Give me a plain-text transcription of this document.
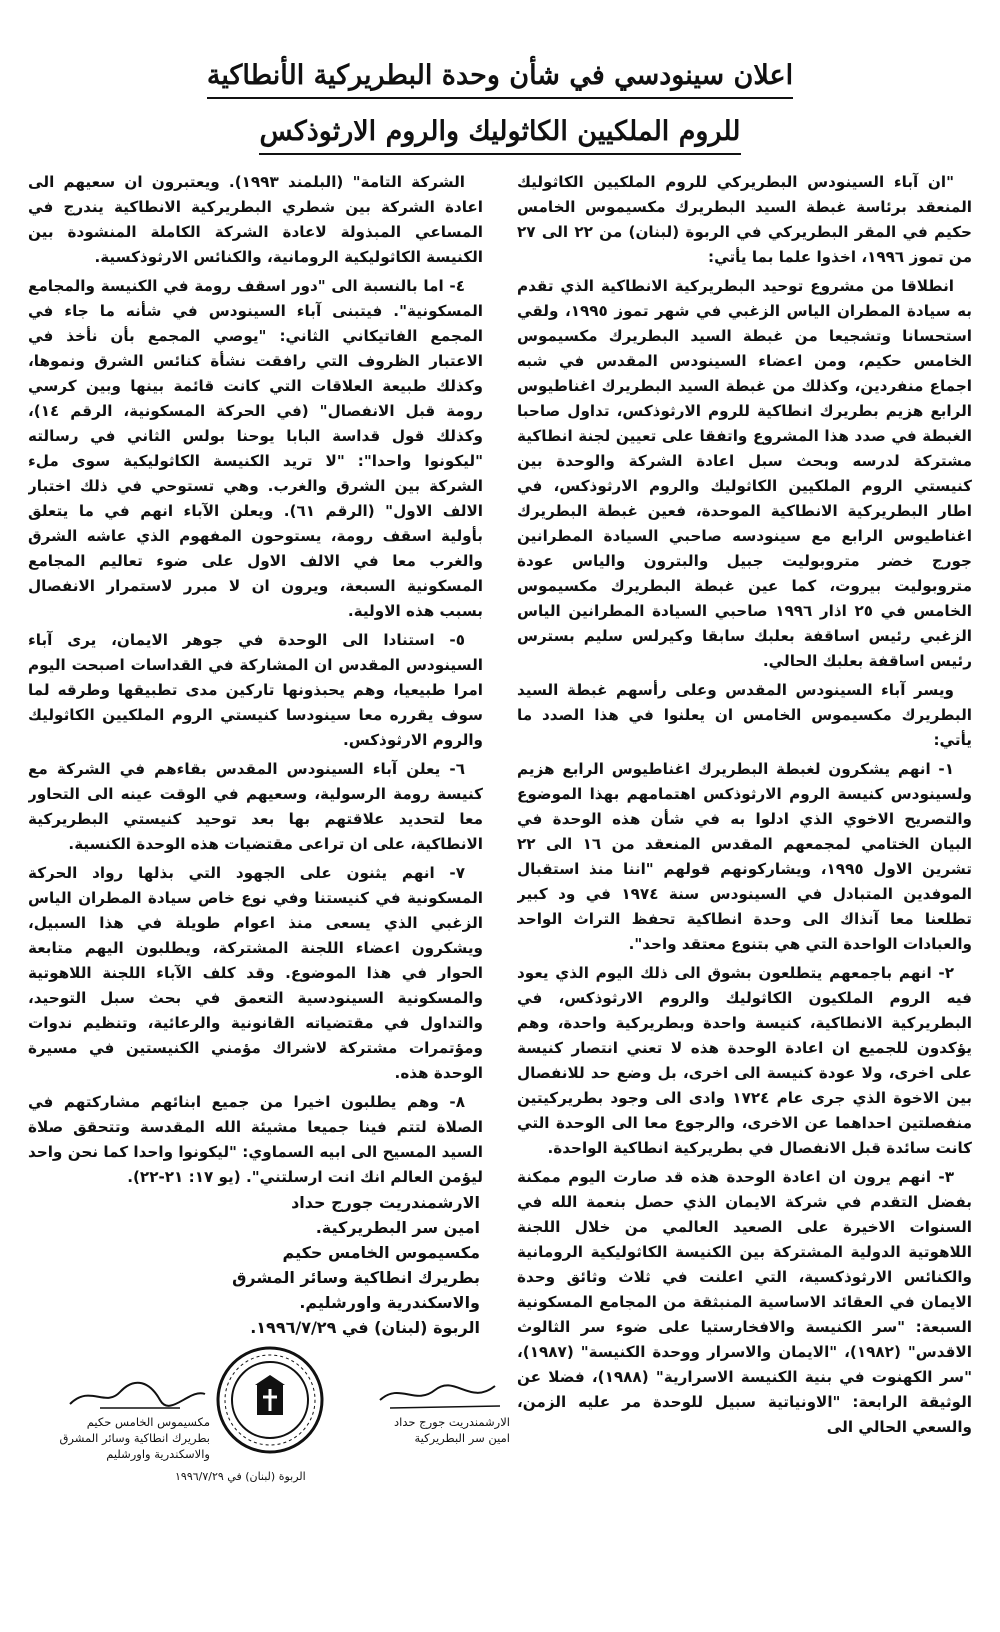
اعلان سينودسي في شأن وحدة البطريركية الأنطاكية
للروم الملكيين الكاثوليك والروم الارثوذكس

"ان آباء السينودس البطريركي للروم الملكيين الكاثوليك المنعقد برئاسة غبطة السيد البطريرك مكسيموس الخامس حكيم في المقر البطريركي في الربوة (لبنان) من ٢٢ الى ٢٧ من تموز ١٩٩٦، اخذوا علما بما يأتي:

انطلاقا من مشروع توحيد البطريركية الانطاكية الذي تقدم به سيادة المطران الياس الزغبي في شهر تموز ١٩٩٥، ولقي استحسانا وتشجيعا من غبطة السيد البطريرك مكسيموس الخامس حكيم، ومن اعضاء السينودس المقدس في شبه اجماع منفردين، وكذلك من غبطة السيد البطريرك اغناطيوس الرابع هزيم بطريرك انطاكية للروم الارثوذكس، تداول صاحبا الغبطة في صدد هذا المشروع واتفقا على تعيين لجنة انطاكية مشتركة لدرسه وبحث سبل اعادة الشركة والوحدة بين كنيستي الروم الملكيين الكاثوليك والروم الارثوذكس، في اطار البطريركية الانطاكية الموحدة، فعين غبطة البطريرك اغناطيوس الرابع مع سينودسه صاحبي السيادة المطرانين جورج خضر متروبوليت جبيل والبترون والياس عودة متروبوليت بيروت، كما عين غبطة البطريرك مكسيموس الخامس في ٢٥ اذار ١٩٩٦ صاحبي السيادة المطرانين الياس الزغبي رئيس اساقفة بعلبك سابقا وكيرلس سليم بسترس رئيس اساقفة بعلبك الحالي.

ويسر آباء السينودس المقدس وعلى رأسهم غبطة السيد البطريرك مكسيموس الخامس ان يعلنوا في هذا الصدد ما يأتي:

١- انهم يشكرون لغبطة البطريرك اغناطيوس الرابع هزيم ولسينودس كنيسة الروم الارثوذكس اهتمامهم بهذا الموضوع والتصريح الاخوي الذي ادلوا به في شأن هذه الوحدة في البيان الختامي لمجمعهم المقدس المنعقد من ١٦ الى ٢٢ تشرين الاول ١٩٩٥، ويشاركونهم قولهم "اننا منذ استقبال الموفدين المتبادل في السينودس سنة ١٩٧٤ في ود كبير تطلعنا معا آنذاك الى وحدة انطاكية تحفظ التراث الواحد والعبادات الواحدة التي هي بتنوع معتقد واحد".

٢- انهم باجمعهم يتطلعون بشوق الى ذلك اليوم الذي يعود فيه الروم الملكيون الكاثوليك والروم الارثوذكس، في البطريركية الانطاكية، كنيسة واحدة وبطريركية واحدة، وهم يؤكدون للجميع ان اعادة الوحدة هذه لا تعني انتصار كنيسة على اخرى، ولا عودة كنيسة الى اخرى، بل وضع حد للانفصال بين الاخوة الذي جرى عام ١٧٢٤ وادى الى وجود بطريركيتين منفصلتين احداهما عن الاخرى، والرجوع معا الى الوحدة التي كانت سائدة قبل الانفصال في بطريركية انطاكية الواحدة.

٣- انهم يرون ان اعادة الوحدة هذه قد صارت اليوم ممكنة بفضل التقدم في شركة الايمان الذي حصل بنعمة الله في السنوات الاخيرة على الصعيد العالمي من خلال اللجنة اللاهوتية الدولية المشتركة بين الكنيسة الكاثوليكية الرومانية والكنائس الارثوذكسية، التي اعلنت في ثلاث وثائق وحدة الايمان في العقائد الاساسية المنبثقة من المجامع المسكونية السبعة: "سر الكنيسة والافخارستيا على ضوء سر الثالوث الاقدس" (١٩٨٢)، "الايمان والاسرار ووحدة الكنيسة" (١٩٨٧)، "سر الكهنوت في بنية الكنيسة الاسرارية" (١٩٨٨)، فضلا عن الوثيقة الرابعة: "الاونياتية سبيل للوحدة مر عليه الزمن، والسعي الحالي الى

الشركة التامة" (البلمند ١٩٩٣). ويعتبرون ان سعيهم الى اعادة الشركة بين شطري البطريركية الانطاكية يندرج في المساعي المبذولة لاعادة الشركة الكاملة المنشودة بين الكنيسة الكاثوليكية الرومانية، والكنائس الارثوذكسية.

٤- اما بالنسبة الى "دور اسقف رومة في الكنيسة والمجامع المسكونية". فيتبنى آباء السينودس في شأنه ما جاء في المجمع الفاتيكاني الثاني: "يوصي المجمع بأن نأخذ في الاعتبار الظروف التي رافقت نشأة كنائس الشرق ونموها، وكذلك طبيعة العلاقات التي كانت قائمة بينها وبين كرسي رومة قبل الانفصال" (في الحركة المسكونية، الرقم ١٤)، وكذلك قول قداسة البابا يوحنا بولس الثاني في رسالته "ليكونوا واحدا": "لا تريد الكنيسة الكاثوليكية سوى ملء الشركة بين الشرق والغرب. وهي تستوحي في ذلك اختبار الالف الاول" (الرقم ٦١). ويعلن الآباء انهم في ما يتعلق بأولية اسقف رومة، يستوحون المفهوم الذي عاشه الشرق والغرب معا في الالف الاول على ضوء تعاليم المجامع المسكونية السبعة، ويرون ان لا مبرر لاستمرار الانفصال بسبب هذه الاولية.

٥- استنادا الى الوحدة في جوهر الايمان، يرى آباء السينودس المقدس ان المشاركة في القداسات اصبحت اليوم امرا طبيعيا، وهم يحبذونها تاركين مدى تطبيقها وطرقه لما سوف يقرره معا سينودسا كنيستي الروم الملكيين الكاثوليك والروم الارثوذكس.

٦- يعلن آباء السينودس المقدس بقاءهم في الشركة مع كنيسة رومة الرسولية، وسعيهم في الوقت عينه الى التحاور معا لتحديد علاقتهم بها بعد توحيد كنيستي البطريركية الانطاكية، على ان تراعى مقتضيات هذه الوحدة الكنسية.

٧- انهم يثنون على الجهود التي بذلها رواد الحركة المسكونية في كنيستنا وفي نوع خاص سيادة المطران الياس الزغبي الذي يسعى منذ اعوام طويلة في هذا السبيل، ويشكرون اعضاء اللجنة المشتركة، ويطلبون اليهم متابعة الحوار في هذا الموضوع. وقد كلف الآباء اللجنة اللاهوتية والمسكونية السينودسية التعمق في بحث سبل التوحيد، والتداول في مقتضياته القانونية والرعائية، وتنظيم ندوات ومؤتمرات مشتركة لاشراك مؤمني الكنيستين في مسيرة الوحدة هذه.

٨- وهم يطلبون اخيرا من جميع ابنائهم مشاركتهم في الصلاة لتتم فينا جميعا مشيئة الله المقدسة وتتحقق صلاة السيد المسيح الى ابيه السماوي: "ليكونوا واحدا كما نحن واحد ليؤمن العالم انك انت ارسلتني". (يو ١٧: ٢١-٢٢).

الارشمندريت جورج حداد
امين سر البطريركية.
مكسيموس الخامس حكيم
بطريرك انطاكية وسائر المشرق
والاسكندرية واورشليم.
الربوة (لبنان) في ١٩٩٦/٧/٢٩.
مكسيموس الخامس حكيم
بطريرك انطاكية وسائر المشرق
والاسكندرية واورشليم
الربوة (لبنان) في ١٩٩٦/٧/٢٩
الارشمندريت جورج حداد
امين سر البطريركية
